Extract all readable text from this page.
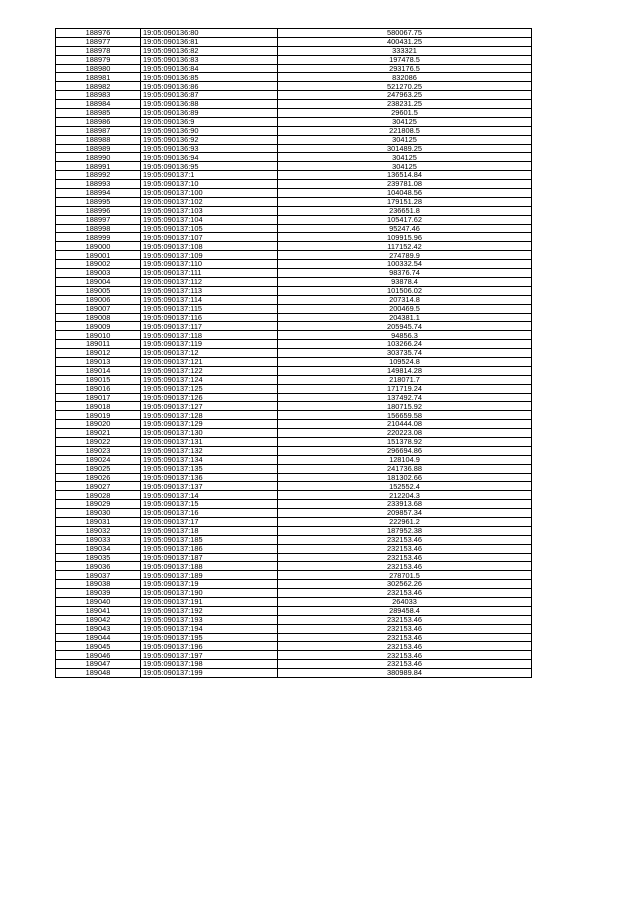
188976	19:05:090136:80	580067.75
188977	19:05:090136:81	400431.25
188978	19:05:090136:82	333321
188979	19:05:090136:83	197478.5
188980	19:05:090136:84	293176.5
188981	19:05:090136:85	832086
188982	19:05:090136:86	521270.25
188983	19:05:090136:87	247963.25
188984	19:05:090136:88	238231.25
188985	19:05:090136:89	29601.5
188986	19:05:090136:9	304125
188987	19:05:090136:90	221808.5
188988	19:05:090136:92	304125
188989	19:05:090136:93	301489.25
188990	19:05:090136:94	304125
188991	19:05:090136:95	304125
188992	19:05:090137:1	136514.84
188993	19:05:090137:10	239781.08
188994	19:05:090137:100	104048.56
188995	19:05:090137:102	179151.28
188996	19:05:090137:103	236651.8
188997	19:05:090137:104	105417.62
188998	19:05:090137:105	95247.46
188999	19:05:090137:107	109915.96
189000	19:05:090137:108	117152.42
189001	19:05:090137:109	274789.9
189002	19:05:090137:110	100332.54
189003	19:05:090137:111	98376.74
189004	19:05:090137:112	93878.4
189005	19:05:090137:113	101506.02
189006	19:05:090137:114	207314.8
189007	19:05:090137:115	200469.5
189008	19:05:090137:116	204381.1
189009	19:05:090137:117	205945.74
189010	19:05:090137:118	94856.3
189011	19:05:090137:119	103266.24
189012	19:05:090137:12	303735.74
189013	19:05:090137:121	109524.8
189014	19:05:090137:122	149814.28
189015	19:05:090137:124	218071.7
189016	19:05:090137:125	171719.24
189017	19:05:090137:126	137492.74
189018	19:05:090137:127	180715.92
189019	19:05:090137:128	156659.58
189020	19:05:090137:129	210444.08
189021	19:05:090137:130	220223.08
189022	19:05:090137:131	151378.92
189023	19:05:090137:132	296694.86
189024	19:05:090137:134	128104.9
189025	19:05:090137:135	241736.88
189026	19:05:090137:136	181302.66
189027	19:05:090137:137	152552.4
189028	19:05:090137:14	212204.3
189029	19:05:090137:15	233913.68
189030	19:05:090137:16	209857.34
189031	19:05:090137:17	222961.2
189032	19:05:090137:18	187952.38
189033	19:05:090137:185	232153.46
189034	19:05:090137:186	232153.46
189035	19:05:090137:187	232153.46
189036	19:05:090137:188	232153.46
189037	19:05:090137:189	278701.5
189038	19:05:090137:19	302562.26
189039	19:05:090137:190	232153.46
189040	19:05:090137:191	264033
189041	19:05:090137:192	289458.4
189042	19:05:090137:193	232153.46
189043	19:05:090137:194	232153.46
189044	19:05:090137:195	232153.46
189045	19:05:090137:196	232153.46
189046	19:05:090137:197	232153.46
189047	19:05:090137:198	232153.46
189048	19:05:090137:199	380989.84
